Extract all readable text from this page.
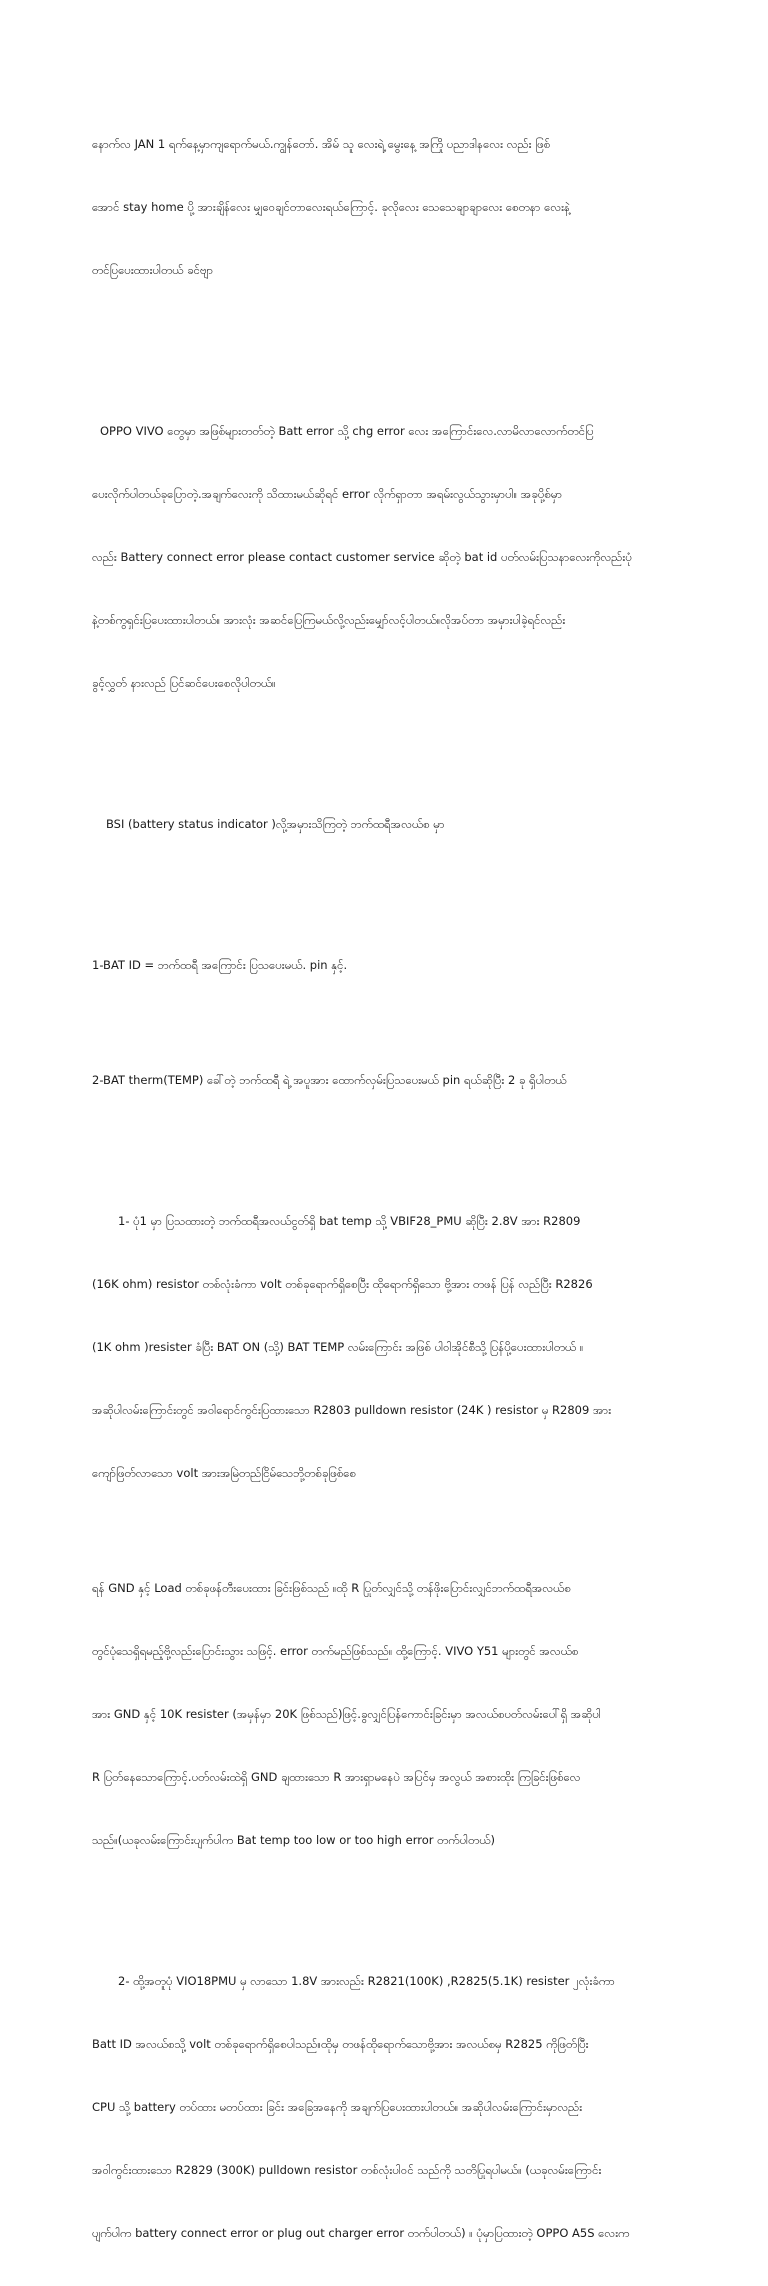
နောက်လ JAN 1 ရက်နေ့မှာကျရောက်မယ်.ကျွန်တော်. အိမ် သူ လေးရဲ့ မွေးနေ့ အကြို ပညာဒါနလေး လည်း ဖြစ်

အောင် stay home ပို့ အားချိန်လေး မျှဝေချင်တာလေးရယ်ကြောင့်. ခုလိုလေး သေသေချာချာလေး စေတနာ လေးနဲ့

တင်ပြပေးထားပါတယ် ခင်ဗျာ

OPPO VIVO တွေမှာ အဖြစ်များတတ်တဲ့ Batt error သို့ chg error လေး အကြောင်းလေ.လာမိလာလောက်တင်ပြ

ပေးလိုက်ပါတယ်ခုပြောတဲ့.အချက်လေးကို သိထားမယ်ဆိုရင် error လိုက်ရှာတာ အရမ်းလွယ်သွားမှာပါ။ အခုပို့စ်မှာ

လည်း Battery connect error please contact customer service ဆိုတဲ့ bat id ပတ်လမ်းပြသနာလေးကိုလည်းပုံ

နဲ့တစ်ကွရှင်းပြပေးထားပါတယ်။ အားလုံး အဆင်ပြေကြမယ်လို့လည်းမျှော်လင့်ပါတယ်။လိုအပ်တာ အမှားပါခဲ့ရင်လည်း

ခွင့်လွှတ် နားလည် ပြင်ဆင်ပေးစေလိုပါတယ်။

BSI (battery status indicator )လို့အမှားသိကြတဲ့ ဘက်ထရီအလယ်စ မှာ

1-BAT ID = ဘက်ထရီ အကြောင်း ပြသပေးမယ်. pin နှင့်.

2-BAT therm(TEMP) ခေါ်တဲ့ ဘက်ထရီ ရဲ့ အပူအား ထောက်လှမ်းပြသပေးမယ် pin ရယ်ဆိုပြီး 2 ခု ရှိပါတယ်

1- ပုံ1 မှာ ပြသထားတဲ့ ဘက်ထရီအလယ်ငွတ်ရှိ bat temp သို့ VBIF28_PMU ဆိုပြီး 2.8V အား R2809

(16K ohm) resistor တစ်လုံးခံကာ volt တစ်ခုရောက်ရှိစေပြီး ထိုရောက်ရှိသော ဗို့အား တဖန် ပြန် လည်ပြီး R2826

(1K ohm )resister ခံပြီး BAT ON (သို့) BAT TEMP လမ်းကြောင်း အဖြစ် ပါဝါအိုင်စီသို့ ပြန်ပို့ပေးထားပါတယ် ။

အဆိုပါလမ်းကြောင်းတွင် အဝါရောင်ကွင်းပြထားသော R2803 pulldown resistor (24K ) resistor မှ R2809 အား

ကျော်ဖြတ်လာသော volt အားအမြဲတည်ငြိမ်သေဘို့တစ်ခုဖြစ်စေ

ရန် GND နှင့် Load တစ်ခုဖန်တီးပေးထား ခြင်းဖြစ်သည် ။ထို R ပြုတ်လျှင်သို့ တန်ဖိုးပြောင်းလျှင်ဘက်ထရီအလယ်စ

တွင်ပုံသေရှိရမည့်ဗို့လည်းပြောင်းသွား သဖြင့်. error တက်မည်ဖြစ်သည်။ ထို့ကြောင့်. VIVO Y51 များတွင် အလယ်စ

အား GND နှင့် 10K resister (အမှန်မှာ 20K ဖြစ်သည်)ဖြင့်.ခွလျှင်ပြန်ကောင်းခြင်းမှာ အလယ်စပတ်လမ်းပေါ်ရှိ အဆိုပါ

R ပြတ်နေသောကြောင့်.ပတ်လမ်းထဲရှိ GND ချထားသော R အားရှာမနေပဲ အပြင်မှ အလွယ် အစားထိုး ကြခြင်းဖြစ်လေ

သည်။(ယခုလမ်းကြောင်းပျက်ပါက Bat temp too low or too high error တက်ပါတယ်)

2- ထို့အတူပုံ VIO18PMU မှ လာသော 1.8V အားလည်း R2821(100K) ,R2825(5.1K) resister ၂လုံးခံကာ

Batt ID အလယ်စသို့ volt တစ်ခုရောက်ရှိစေပါသည်။ထိုမှ တဖန်ထိုရောက်သောဗို့အား အလယ်စမှ R2825 ကိုဖြတ်ပြီး

CPU သို့ battery တပ်ထား မတပ်ထား ခြင်း အခြေအနေကို အချက်ပြပေးထားပါတယ်။ အဆိုပါလမ်းကြောင်းမှာလည်း

အဝါကွင်းထားသော R2829 (300K) pulldown resistor တစ်လုံးပါဝင် သည်ကို သတိပြုရပါမယ်။ (ယခုလမ်းကြောင်း

ပျက်ပါက battery connect error or plug out charger error တက်ပါတယ်) ။ ပုံမှာပြထားတဲ့ OPPO A5S လေးက
